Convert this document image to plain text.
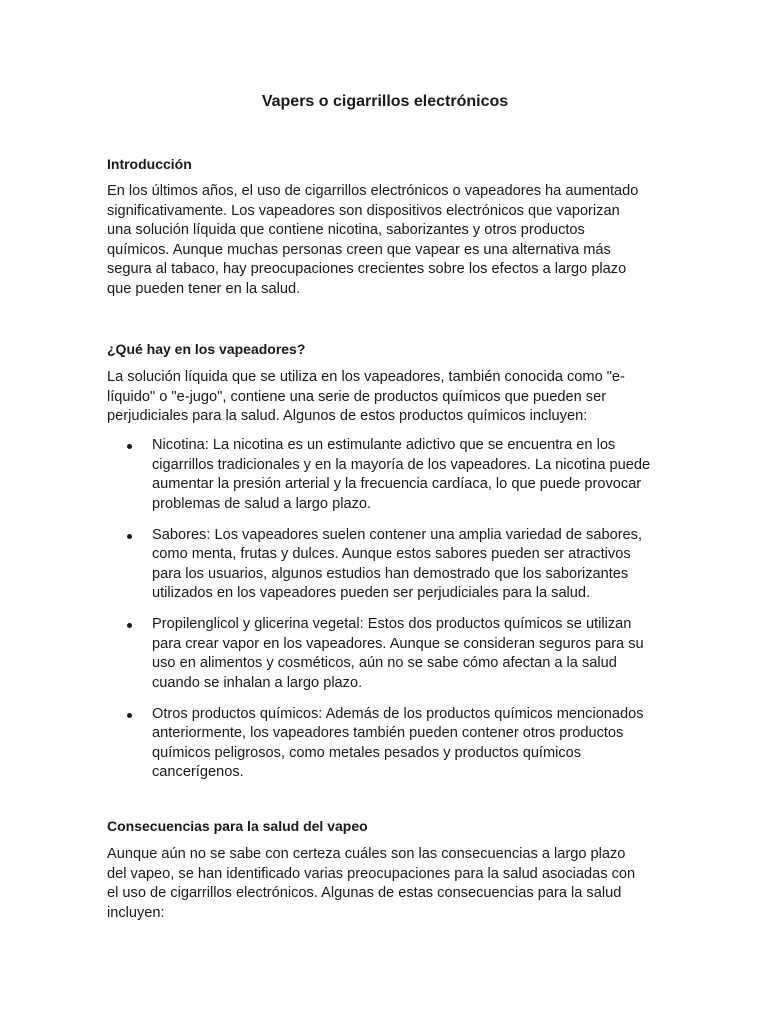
Vapers o cigarrillos electrónicos
Introducción

En los últimos años, el uso de cigarrillos electrónicos o vapeadores ha aumentado significativamente. Los vapeadores son dispositivos electrónicos que vaporizan una solución líquida que contiene nicotina, saborizantes y otros productos químicos. Aunque muchas personas creen que vapear es una alternativa más segura al tabaco, hay preocupaciones crecientes sobre los efectos a largo plazo que pueden tener en la salud.

¿Qué hay en los vapeadores?

La solución líquida que se utiliza en los vapeadores, también conocida como "e-líquido" o "e-jugo", contiene una serie de productos químicos que pueden ser perjudiciales para la salud. Algunos de estos productos químicos incluyen:

Nicotina: La nicotina es un estimulante adictivo que se encuentra en los cigarrillos tradicionales y en la mayoría de los vapeadores. La nicotina puede aumentar la presión arterial y la frecuencia cardíaca, lo que puede provocar problemas de salud a largo plazo.
Sabores: Los vapeadores suelen contener una amplia variedad de sabores, como menta, frutas y dulces. Aunque estos sabores pueden ser atractivos para los usuarios, algunos estudios han demostrado que los saborizantes utilizados en los vapeadores pueden ser perjudiciales para la salud.
Propilenglicol y glicerina vegetal: Estos dos productos químicos se utilizan para crear vapor en los vapeadores. Aunque se consideran seguros para su uso en alimentos y cosméticos, aún no se sabe cómo afectan a la salud cuando se inhalan a largo plazo.
Otros productos químicos: Además de los productos químicos mencionados anteriormente, los vapeadores también pueden contener otros productos químicos peligrosos, como metales pesados y productos químicos cancerígenos.
Consecuencias para la salud del vapeo

Aunque aún no se sabe con certeza cuáles son las consecuencias a largo plazo del vapeo, se han identificado varias preocupaciones para la salud asociadas con el uso de cigarrillos electrónicos. Algunas de estas consecuencias para la salud incluyen:
